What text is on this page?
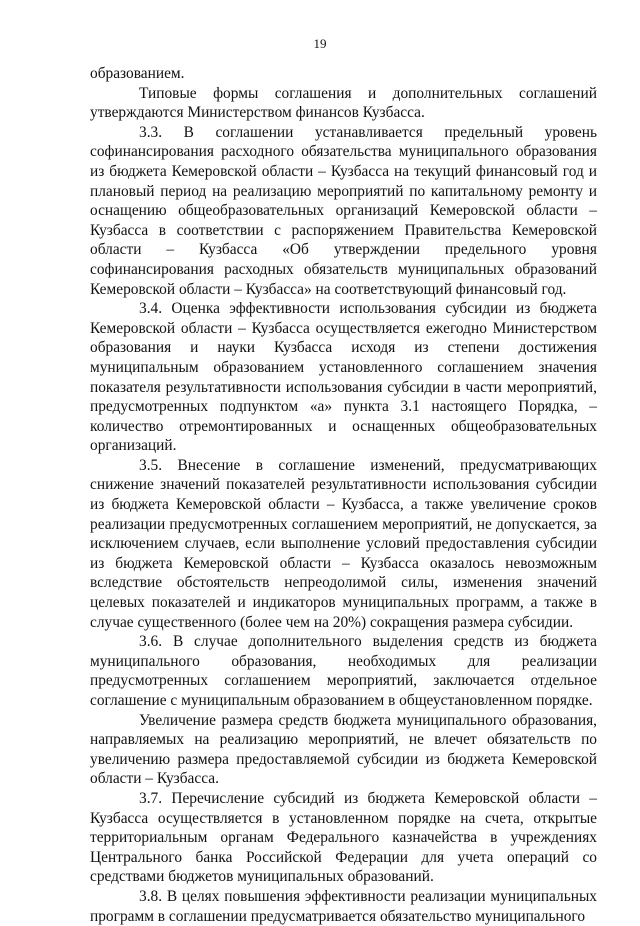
19

образованием.

Типовые формы соглашения и дополнительных соглашений утверждаются Министерством финансов Кузбасса.

3.3. В соглашении устанавливается предельный уровень софинансирования расходного обязательства муниципального образования из бюджета Кемеровской области – Кузбасса на текущий финансовый год и плановый период на реализацию мероприятий по капитальному ремонту и оснащению общеобразовательных организаций Кемеровской области – Кузбасса в соответствии с распоряжением Правительства Кемеровской области – Кузбасса «Об утверждении предельного уровня софинансирования расходных обязательств муниципальных образований Кемеровской области – Кузбасса» на соответствующий финансовый год.

3.4. Оценка эффективности использования субсидии из бюджета Кемеровской области – Кузбасса осуществляется ежегодно Министерством образования и науки Кузбасса исходя из степени достижения муниципальным образованием установленного соглашением значения показателя результативности использования субсидии в части мероприятий, предусмотренных подпунктом «а» пункта 3.1 настоящего Порядка, – количество отремонтированных и оснащенных общеобразовательных организаций.

3.5. Внесение в соглашение изменений, предусматривающих снижение значений показателей результативности использования субсидии из бюджета Кемеровской области – Кузбасса, а также увеличение сроков реализации предусмотренных соглашением мероприятий, не допускается, за исключением случаев, если выполнение условий предоставления субсидии из бюджета Кемеровской области – Кузбасса оказалось невозможным вследствие обстоятельств непреодолимой силы, изменения значений целевых показателей и индикаторов муниципальных программ, а также в случае существенного (более чем на 20%) сокращения размера субсидии.

3.6. В случае дополнительного выделения средств из бюджета муниципального образования, необходимых для реализации предусмотренных соглашением мероприятий, заключается отдельное соглашение с муниципальным образованием в общеустановленном порядке.

Увеличение размера средств бюджета муниципального образования, направляемых на реализацию мероприятий, не влечет обязательств по увеличению размера предоставляемой субсидии из бюджета Кемеровской области – Кузбасса.

3.7. Перечисление субсидий из бюджета Кемеровской области – Кузбасса осуществляется в установленном порядке на счета, открытые территориальным органам Федерального казначейства в учреждениях Центрального банка Российской Федерации для учета операций со средствами бюджетов муниципальных образований.

3.8. В целях повышения эффективности реализации муниципальных программ в соглашении предусматривается обязательство муниципального
